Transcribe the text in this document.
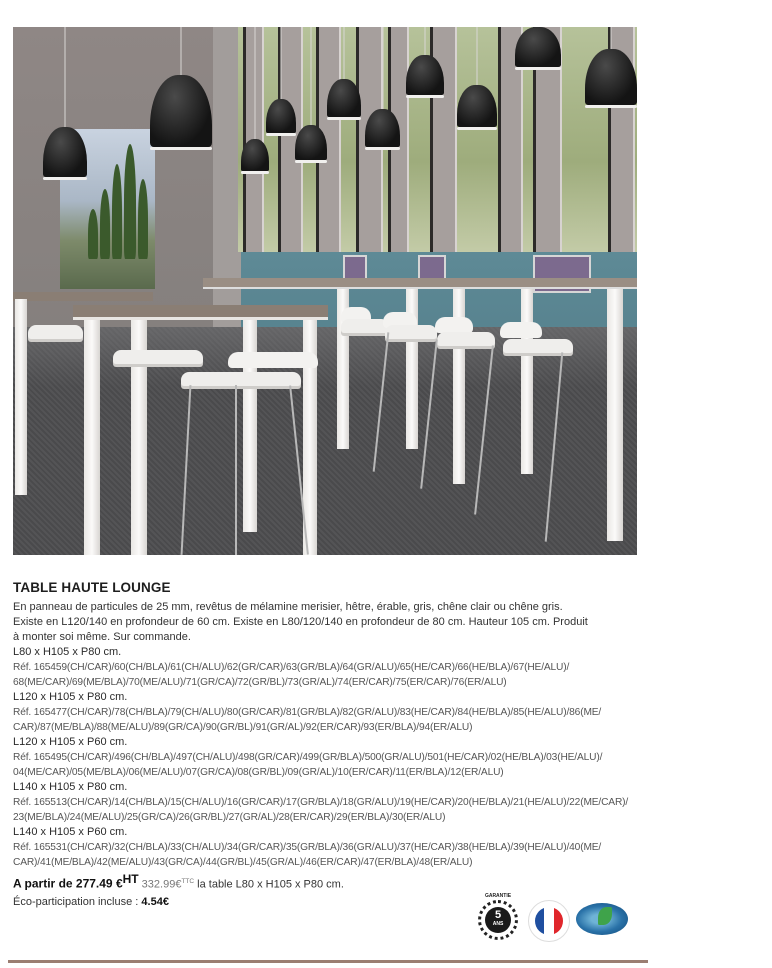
TABLE HAUTE LOUNGE
En panneau de particules de 25 mm, revêtus de mélamine merisier, hêtre, érable, gris, chêne clair ou chêne gris.
Existe en L120/140 en profondeur de 60 cm. Existe en L80/120/140 en profondeur de 80 cm. Hauteur 105 cm. Produit
à monter soi même. Sur commande.
L80 x H105 x P80 cm.
Réf. 165459(CH/CAR)/60(CH/BLA)/61(CH/ALU)/62(GR/CAR)/63(GR/BLA)/64(GR/ALU)/65(HE/CAR)/66(HE/BLA)/67(HE/ALU)/
68(ME/CAR)/69(ME/BLA)/70(ME/ALU)/71(GR/CA)/72(GR/BL)/73(GR/AL)/74(ER/CAR)/75(ER/CAR)/76(ER/ALU)
L120 x H105 x P80 cm.
Réf. 165477(CH/CAR)/78(CH/BLA)/79(CH/ALU)/80(GR/CAR)/81(GR/BLA)/82(GR/ALU)/83(HE/CAR)/84(HE/BLA)/85(HE/ALU)/86(ME/
CAR)/87(ME/BLA)/88(ME/ALU)/89(GR/CA)/90(GR/BL)/91(GR/AL)/92(ER/CAR)/93(ER/BLA)/94(ER/ALU)
L120 x H105 x P60 cm.
Réf. 165495(CH/CAR)/496(CH/BLA)/497(CH/ALU)/498(GR/CAR)/499(GR/BLA)/500(GR/ALU)/501(HE/CAR)/02(HE/BLA)/03(HE/ALU)/
04(ME/CAR)/05(ME/BLA)/06(ME/ALU)/07(GR/CA)/08(GR/BL)/09(GR/AL)/10(ER/CAR)/11(ER/BLA)/12(ER/ALU)
L140 x H105 x P80 cm.
Réf. 165513(CH/CAR)/14(CH/BLA)/15(CH/ALU)/16(GR/CAR)/17(GR/BLA)/18(GR/ALU)/19(HE/CAR)/20(HE/BLA)/21(HE/ALU)/22(ME/CAR)/
23(ME/BLA)/24(ME/ALU)/25(GR/CA)/26(GR/BL)/27(GR/AL)/28(ER/CAR)/29(ER/BLA)/30(ER/ALU)
L140 x H105 x P60 cm.
Réf. 165531(CH/CAR)/32(CH/BLA)/33(CH/ALU)/34(GR/CAR)/35(GR/BLA)/36(GR/ALU)/37(HE/CAR)/38(HE/BLA)/39(HE/ALU)/40(ME/
CAR)/41(ME/BLA)/42(ME/ALU)/43(GR/CA)/44(GR/BL)/45(GR/AL)/46(ER/CAR)/47(ER/BLA)/48(ER/ALU)
A partir de 277.49 €$^{HT}$ 332.99€$^{TTC}$ la table L80 x H105 x P80 cm.
Éco-participation incluse : 4.54€	GARANTIE
5
ANS
